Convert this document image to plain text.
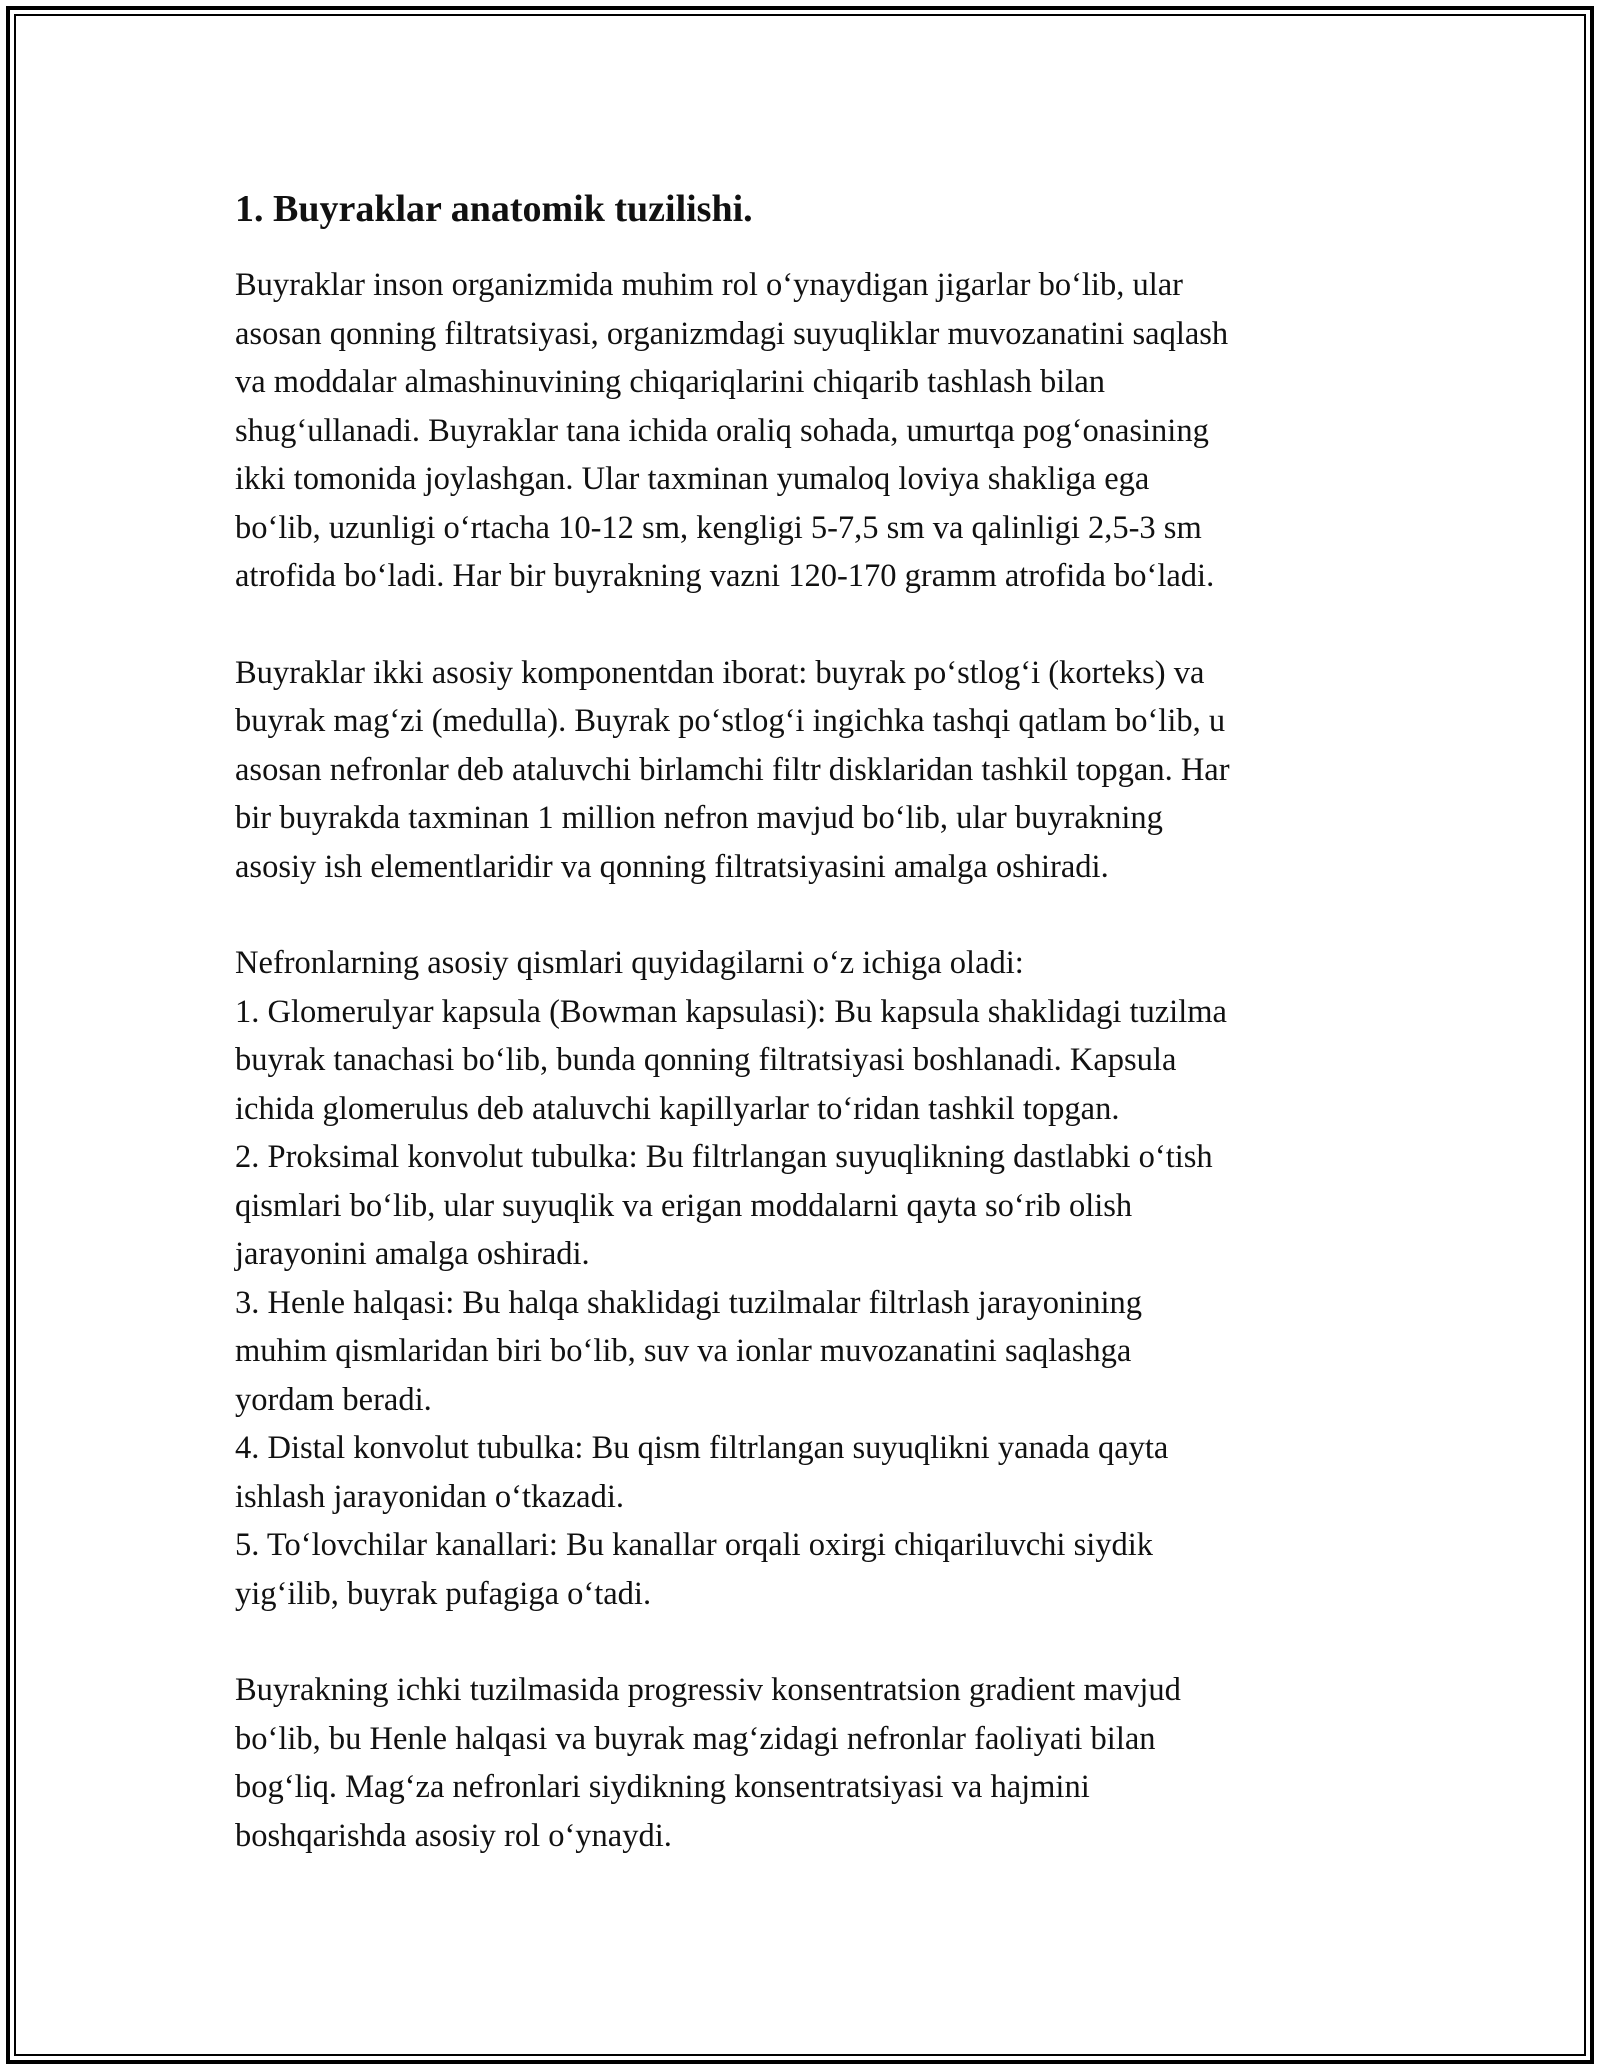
1. Buyraklar anatomik tuzilishi.

Buyraklar inson organizmida muhim rol o‘ynaydigan jigarlar bo‘lib, ular
asosan qonning filtratsiyasi, organizmdagi suyuqliklar muvozanatini saqlash
va moddalar almashinuvining chiqariqlarini chiqarib tashlash bilan
shug‘ullanadi. Buyraklar tana ichida oraliq sohada, umurtqa pog‘onasining
ikki tomonida joylashgan. Ular taxminan yumaloq loviya shakliga ega
bo‘lib, uzunligi o‘rtacha 10-12 sm, kengligi 5-7,5 sm va qalinligi 2,5-3 sm
atrofida bo‘ladi. Har bir buyrakning vazni 120-170 gramm atrofida bo‘ladi.

Buyraklar ikki asosiy komponentdan iborat: buyrak po‘stlog‘i (korteks) va
buyrak mag‘zi (medulla). Buyrak po‘stlog‘i ingichka tashqi qatlam bo‘lib, u
asosan nefronlar deb ataluvchi birlamchi filtr disklaridan tashkil topgan. Har
bir buyrakda taxminan 1 million nefron mavjud bo‘lib, ular buyrakning
asosiy ish elementlaridir va qonning filtratsiyasini amalga oshiradi.

Nefronlarning asosiy qismlari quyidagilarni o‘z ichiga oladi:
1. Glomerulyar kapsula (Bowman kapsulasi): Bu kapsula shaklidagi tuzilma
buyrak tanachasi bo‘lib, bunda qonning filtratsiyasi boshlanadi. Kapsula
ichida glomerulus deb ataluvchi kapillyarlar to‘ridan tashkil topgan.
2. Proksimal konvolut tubulka: Bu filtrlangan suyuqlikning dastlabki o‘tish
qismlari bo‘lib, ular suyuqlik va erigan moddalarni qayta so‘rib olish
jarayonini amalga oshiradi.
3. Henle halqasi: Bu halqa shaklidagi tuzilmalar filtrlash jarayonining
muhim qismlaridan biri bo‘lib, suv va ionlar muvozanatini saqlashga
yordam beradi.
4. Distal konvolut tubulka: Bu qism filtrlangan suyuqlikni yanada qayta
ishlash jarayonidan o‘tkazadi.
5. To‘lovchilar kanallari: Bu kanallar orqali oxirgi chiqariluvchi siydik
yig‘ilib, buyrak pufagiga o‘tadi.

Buyrakning ichki tuzilmasida progressiv konsentratsion gradient mavjud
bo‘lib, bu Henle halqasi va buyrak mag‘zidagi nefronlar faoliyati bilan
bog‘liq. Mag‘za nefronlari siydikning konsentratsiyasi va hajmini
boshqarishda asosiy rol o‘ynaydi.
